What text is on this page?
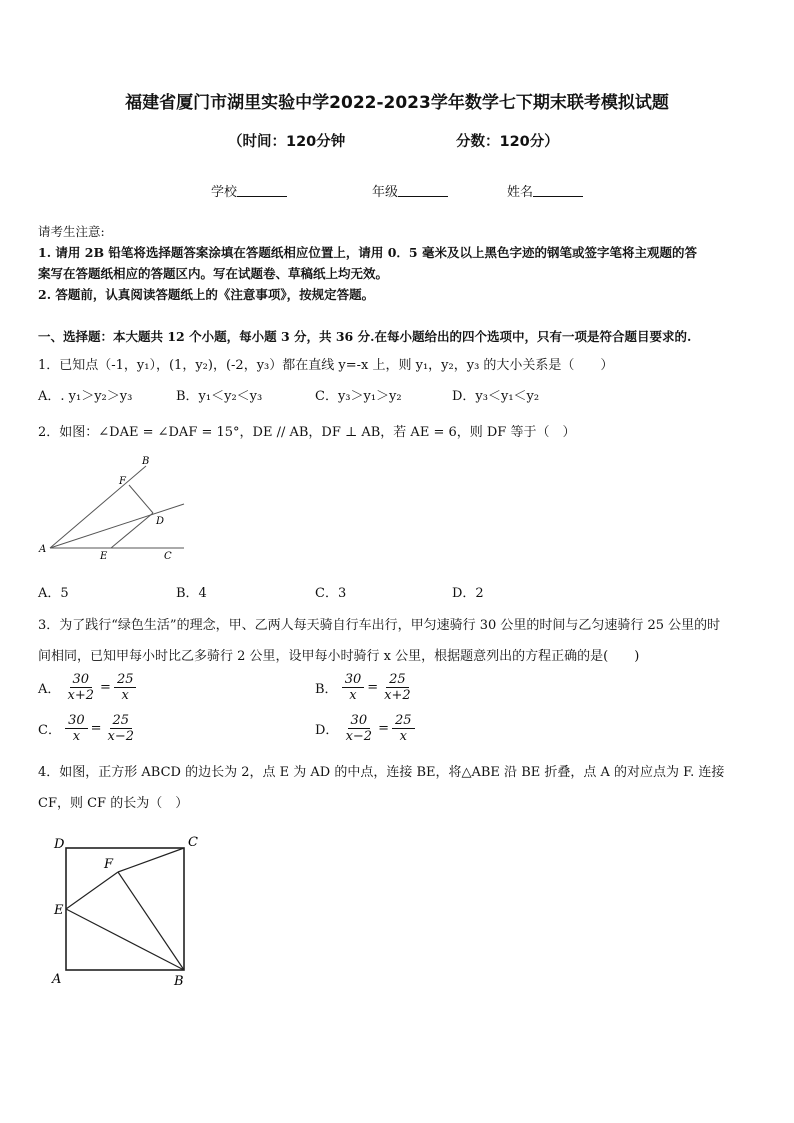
福建省厦门市湖里实验中学2022-2023学年数学七下期末联考模拟试题
（时间：120分钟	分数：120分）
学校	年级	姓名
请考生注意:
1. 请用 2B 铅笔将选择题答案涂填在答题纸相应位置上，请用 0．5 毫米及以上黑色字迹的钢笔或签字笔将主观题的答
案写在答题纸相应的答题区内。写在试题卷、草稿纸上均无效。
2. 答题前，认真阅读答题纸上的《注意事项》，按规定答题。
一、选择题：本大题共 12 个小题，每小题 3 分，共 36 分.在每小题给出的四个选项中，只有一项是符合题目要求的.
1．已知点（-1，y₁），(1，y₂)，(-2，y₃）都在直线 y=-x 上，则 y₁，y₂，y₃ 的大小关系是（　　）
A．. y₁＞y₂＞y₃	B．y₁＜y₂＜y₃	C．y₃＞y₁＞y₂	D．y₃＜y₁＜y₂
2．如图：∠DAE = ∠DAF = 15°，DE // AB，DF ⊥ AB，若 AE = 6，则 DF 等于（　）
B
F
D
A
E	C
A．5	B．4	C．3	D．2
3．为了践行“绿色生活”的理念，甲、乙两人每天骑自行车出行，甲匀速骑行 30 公里的时间与乙匀速骑行 25 公里的时
间相同，已知甲每小时比乙多骑行 2 公里，设甲每小时骑行 x 公里，根据题意列出的方程正确的是(　　)
A． $\frac{30}{x+2} = \frac{25}{x}$	B． $\frac{30}{x} = \frac{25}{x+2}$
C． $\frac{30}{x} = \frac{25}{x-2}$	D． $\frac{30}{x-2} = \frac{25}{x}$
4．如图，正方形 ABCD 的边长为 2，点 E 为 AD 的中点，连接 BE，将△ABE 沿 BE 折叠，点 A 的对应点为 F. 连接
CF，则 CF 的长为（　）
D	C
F
E
A	B
